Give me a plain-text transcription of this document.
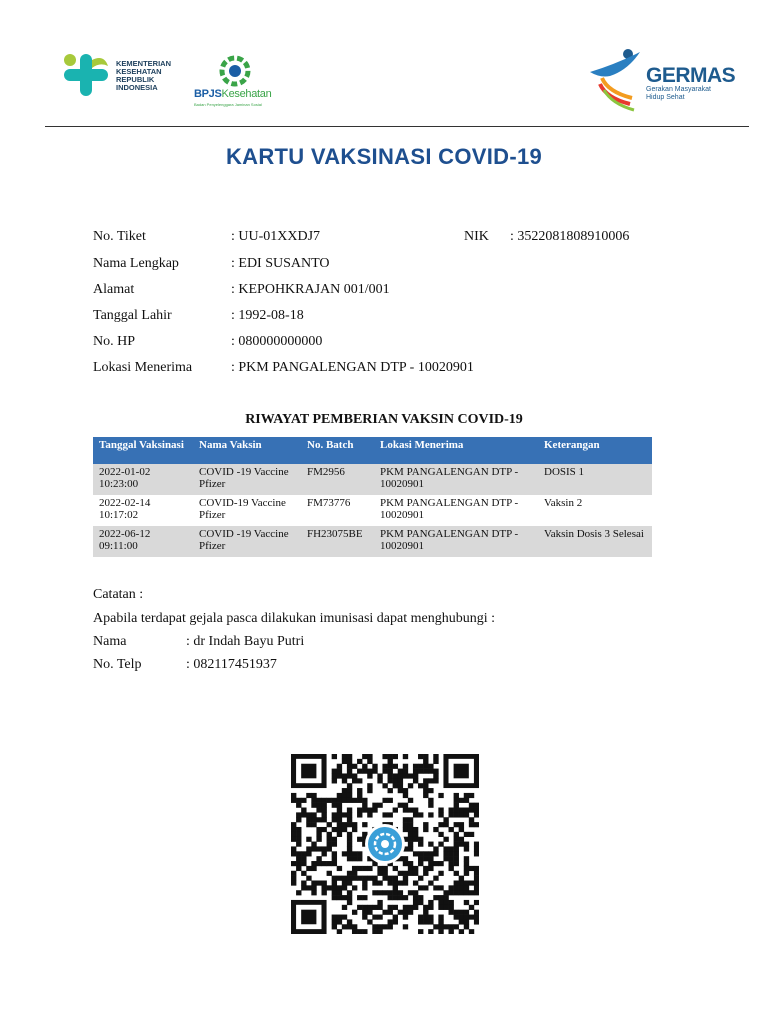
KEMENTERIAN
KESEHATAN
REPUBLIK
INDONESIA
BPJSKesehatan
Badan Penyelenggara Jaminan Sosial
GERMAS
Gerakan Masyarakat
Hidup Sehat
KARTU VAKSINASI COVID-19
No. Tiket	: UU-01XXDJ7	NIK : 3522081808910006
Nama Lengkap	: EDI SUSANTO
Alamat	: KEPOHKRAJAN 001/001
Tanggal Lahir	: 1992-08-18
No. HP	: 080000000000
Lokasi Menerima	: PKM PANGALENGAN DTP - 10020901
RIWAYAT PEMBERIAN VAKSIN COVID-19
Tanggal Vaksinasi	Nama Vaksin	No. Batch	Lokasi Menerima	Keterangan
2022-01-02 10:23:00	COVID -19 Vaccine Pfizer	FM2956	PKM PANGALENGAN DTP - 10020901	DOSIS 1
2022-02-14 10:17:02	COVID-19 Vaccine Pfizer	FM73776	PKM PANGALENGAN DTP - 10020901	Vaksin 2
2022-06-12 09:11:00	COVID -19 Vaccine Pfizer	FH23075BE	PKM PANGALENGAN DTP - 10020901	Vaksin Dosis 3 Selesai
Catatan :
Apabila terdapat gejala pasca dilakukan imunisasi dapat menghubungi :
Nama	: dr Indah Bayu Putri
No. Telp	: 082117451937
